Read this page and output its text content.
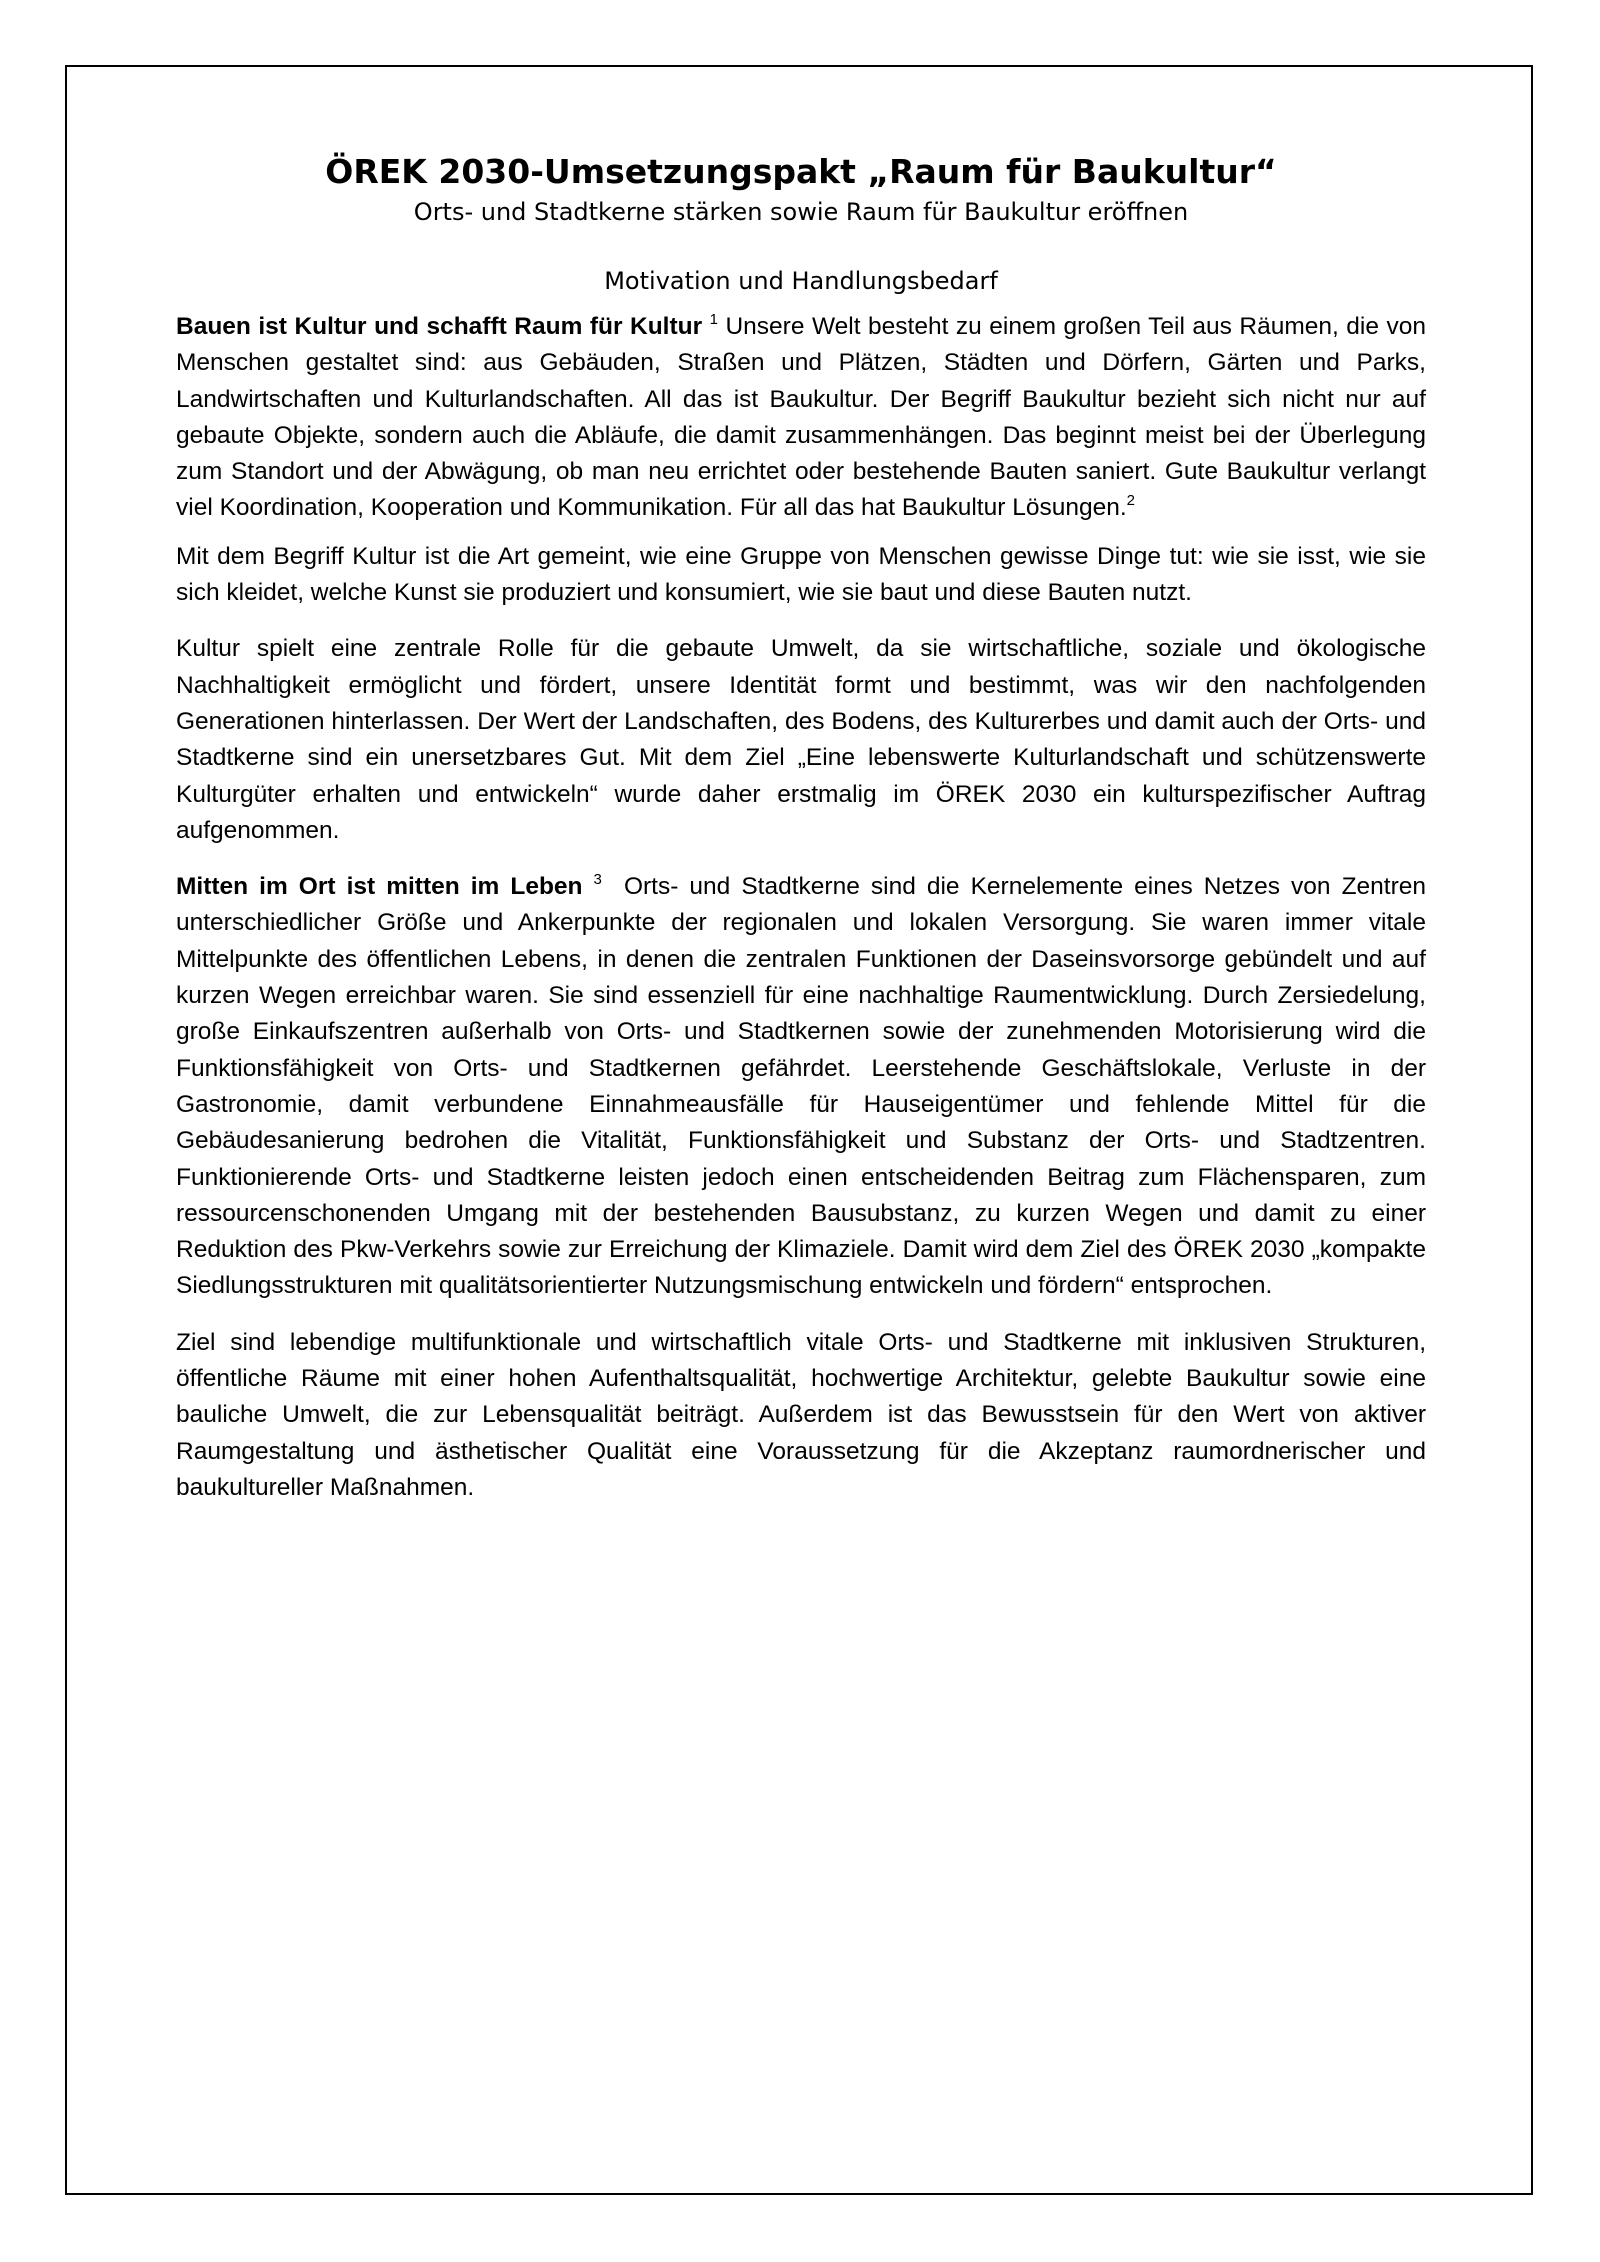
ÖREK 2030-Umsetzungspakt „Raum für Baukultur“

Orts- und Stadtkerne stärken sowie Raum für Baukultur eröffnen

Motivation und Handlungsbedarf

Bauen ist Kultur und schafft Raum für Kultur $^1$ Unsere Welt besteht zu einem großen Teil aus Räumen, die von Menschen gestaltet sind: aus Gebäuden, Straßen und Plätzen, Städten und Dörfern, Gärten und Parks, Landwirtschaften und Kulturlandschaften. All das ist Baukultur. Der Begriff Baukultur bezieht sich nicht nur auf gebaute Objekte, sondern auch die Abläufe, die damit zusammenhängen. Das beginnt meist bei der Überlegung zum Standort und der Abwägung, ob man neu errichtet oder bestehende Bauten saniert. Gute Baukultur verlangt viel Koordination, Kooperation und Kommunikation. Für all das hat Baukultur Lösungen.$^2$

Mit dem Begriff Kultur ist die Art gemeint, wie eine Gruppe von Menschen gewisse Dinge tut: wie sie isst, wie sie sich kleidet, welche Kunst sie produziert und konsumiert, wie sie baut und diese Bauten nutzt.

Kultur spielt eine zentrale Rolle für die gebaute Umwelt, da sie wirtschaftliche, soziale und ökologische Nachhaltigkeit ermöglicht und fördert, unsere Identität formt und bestimmt, was wir den nachfolgenden Generationen hinterlassen. Der Wert der Landschaften, des Bodens, des Kulturerbes und damit auch der Orts- und Stadtkerne sind ein unersetzbares Gut. Mit dem Ziel „Eine lebenswerte Kulturlandschaft und schützenswerte Kulturgüter erhalten und entwickeln“ wurde daher erstmalig im ÖREK 2030 ein kulturspezifischer Auftrag aufgenommen.

Mitten im Ort ist mitten im Leben $^3$ Orts- und Stadtkerne sind die Kernelemente eines Netzes von Zentren unterschiedlicher Größe und Ankerpunkte der regionalen und lokalen Versorgung. Sie waren immer vitale Mittelpunkte des öffentlichen Lebens, in denen die zentralen Funktionen der Daseinsvorsorge gebündelt und auf kurzen Wegen erreichbar waren. Sie sind essenziell für eine nachhaltige Raumentwicklung. Durch Zersiedelung, große Einkaufszentren außerhalb von Orts- und Stadtkernen sowie der zunehmenden Motorisierung wird die Funktionsfähigkeit von Orts- und Stadtkernen gefährdet. Leerstehende Geschäftslokale, Verluste in der Gastronomie, damit verbundene Einnahmeausfälle für Hauseigentümer und fehlende Mittel für die Gebäudesanierung bedrohen die Vitalität, Funktionsfähigkeit und Substanz der Orts- und Stadtzentren. Funktionierende Orts- und Stadtkerne leisten jedoch einen entscheidenden Beitrag zum Flächensparen, zum ressourcenschonenden Umgang mit der bestehenden Bausubstanz, zu kurzen Wegen und damit zu einer Reduktion des Pkw-Verkehrs sowie zur Erreichung der Klimaziele. Damit wird dem Ziel des ÖREK 2030 „kompakte Siedlungsstrukturen mit qualitätsorientierter Nutzungsmischung entwickeln und fördern“ entsprochen.

Ziel sind lebendige multifunktionale und wirtschaftlich vitale Orts- und Stadtkerne mit inklusiven Strukturen, öffentliche Räume mit einer hohen Aufenthaltsqualität, hochwertige Architektur, gelebte Baukultur sowie eine bauliche Umwelt, die zur Lebensqualität beiträgt. Außerdem ist das Bewusstsein für den Wert von aktiver Raumgestaltung und ästhetischer Qualität eine Voraussetzung für die Akzeptanz raumordnerischer und baukultureller Maßnahmen.
